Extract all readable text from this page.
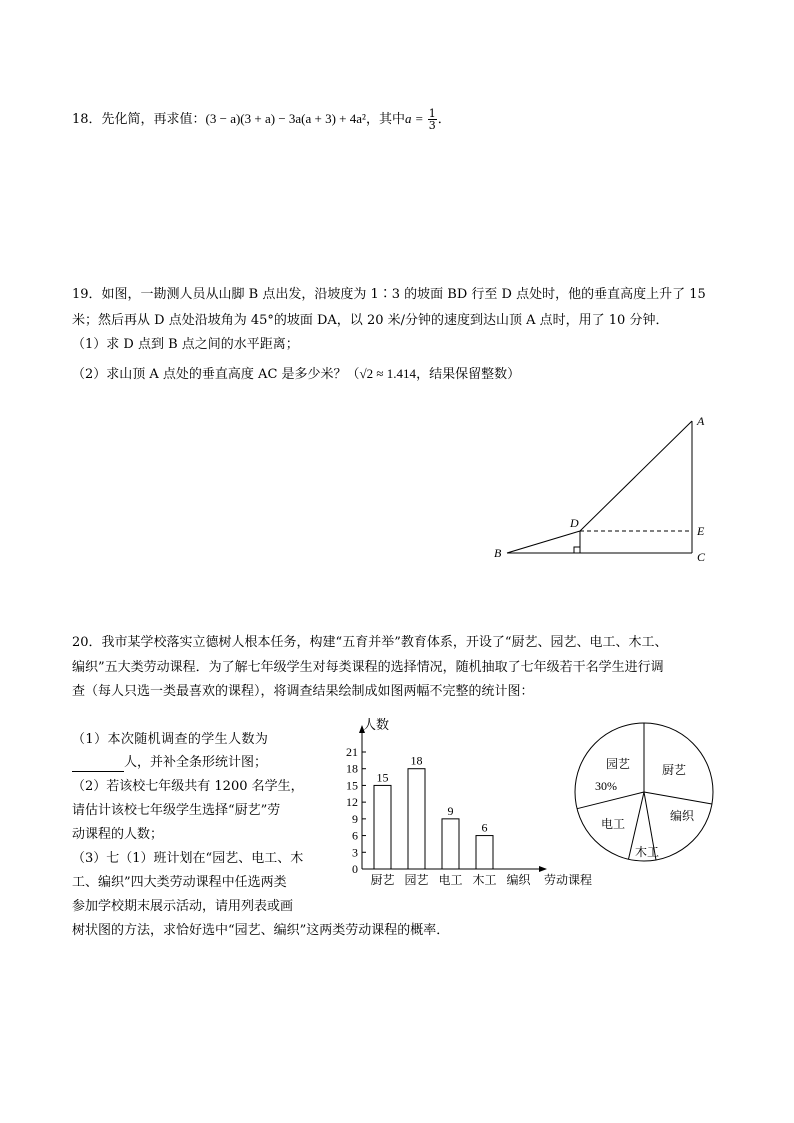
18．先化简，再求值：(3 − a)(3 + a) − 3a(a + 3) + 4a²，其中$a = \frac{1}{3}$ ．
19．如图，一勘测人员从山脚 B 点出发，沿坡度为 1∶3 的坡面 BD 行至 D 点处时，他的垂直高度上升了 15
米；然后再从 D 点处沿坡角为 45°的坡面 DA，以 20 米/分钟的速度到达山顶 A 点时，用了 10 分钟．
（1）求 D 点到 B 点之间的水平距离；
（2）求山顶 A 点处的垂直高度 AC 是多少米？（√2 ≈ 1.414，结果保留整数）
A
B	C
D
E
20．我市某学校落实立德树人根本任务，构建“五育并举”教育体系，开设了“厨艺、园艺、电工、木工、
编织”五大类劳动课程．为了解七年级学生对每类课程的选择情况，随机抽取了七年级若干名学生进行调
查（每人只选一类最喜欢的课程），将调查结果绘制成如图两幅不完整的统计图：
（1）本次随机调查的学生人数为
人，并补全条形统计图；
（2）若该校七年级共有 1200 名学生，
请估计该校七年级学生选择“厨艺”劳
动课程的人数；
（3）七（1）班计划在“园艺、电工、木
工、编织”四大类劳动课程中任选两类
参加学校期末展示活动，请用列表或画
树状图的方法，求恰好选中“园艺、编织”这两类劳动课程的概率．
人数
劳动课程
0
3
6
9
12
15
18
21
15
厨艺
18
园艺
9
电工
6
木工 编织
园艺
30%
厨艺
编织
木工
电工
